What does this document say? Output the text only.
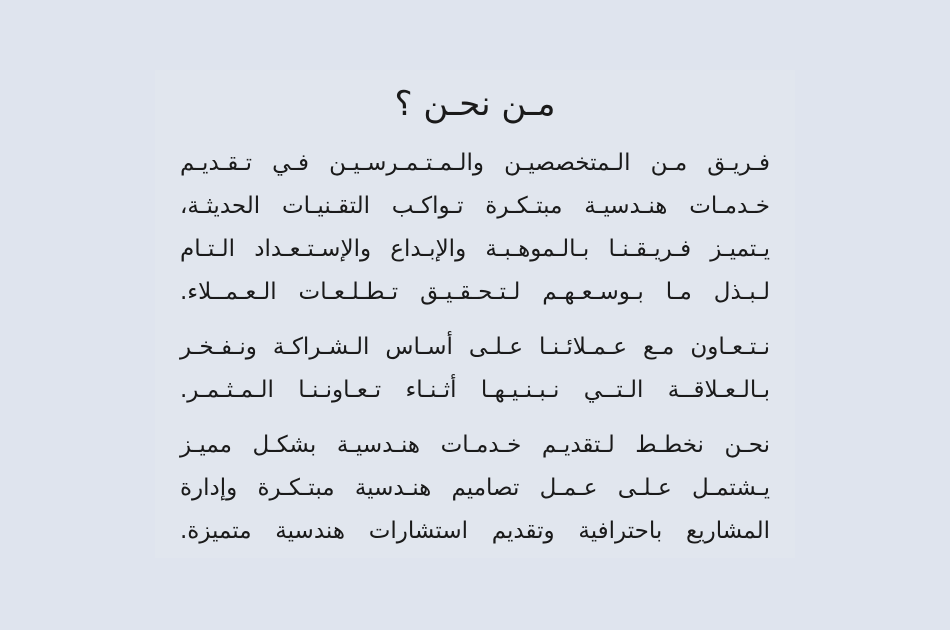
مـن نحـن ؟

فـريـق مـن الـمتخصصيـن والـمـتـمـرسـيـن فـي تـقـديـم

خـدمـات هنـدسيـة مبتـكـرة تـواكـب التقـنيـات الحديثـة،

يـتميـز فـريـقـنـا بـالـموهـبـة والإبـداع والإسـتـعـداد الـتـام

لـبـذل مـا بـوسـعـهـم لـتـحـقـيـق تـطـلـعـات الـعـمــلاء.

نـتـعـاون مـع عـمـلائـنـا عـلـى أسـاس الـشـراكـة ونـفـخـر

بـالـعـلاقــة الـتــي نـبـنـيـهـا أثـنـاء تـعـاونـنـا الـمـثـمـر.

نحـن نخطـط لـتقديـم خـدمـات هنـدسيـة بشكـل مميـز

يـشتمـل عـلـى عـمـل تصاميم هنـدسية مبتـكـرة وإدارة

المشاريع باحترافية وتقديم استشارات هندسية متميزة.
